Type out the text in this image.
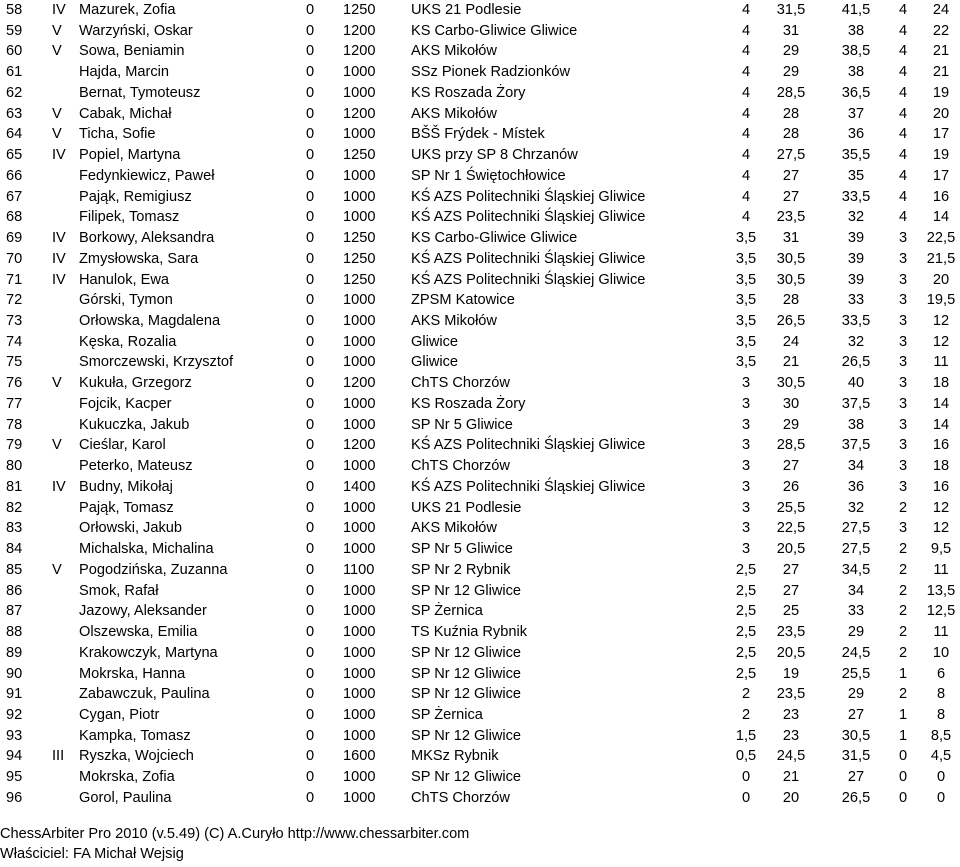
58 IV Mazurek, Zofia	0 1250 UKS 21 Podlesie	4	31,5	41,5	4	24
59 V Warzyński, Oskar	0 1200 KS Carbo-Gliwice Gliwice	4	31	38	4	22
60 V Sowa, Beniamin	0 1200 AKS Mikołów	4	29	38,5	4	21
61	Hajda, Marcin	0 1000 SSz Pionek Radzionków	4	29	38	4	21
62	Bernat, Tymoteusz	0 1000 KS Roszada Żory	4	28,5	36,5	4	19
63 V Cabak, Michał	0 1200 AKS Mikołów	4	28	37	4	20
64 V Ticha, Sofie	0 1000 BŠŠ Frýdek - Místek	4	28	36	4	17
65 IV Popiel, Martyna	0 1250 UKS przy SP 8 Chrzanów	4	27,5	35,5	4	19
66	Fedynkiewicz, Paweł	0 1000 SP Nr 1 Świętochłowice	4	27	35	4	17
67	Pająk, Remigiusz	0 1000 KŚ AZS Politechniki Śląskiej Gliwice	4	27	33,5	4	16
68	Filipek, Tomasz	0 1000 KŚ AZS Politechniki Śląskiej Gliwice	4	23,5	32	4	14
69 IV Borkowy, Aleksandra	0 1250 KS Carbo-Gliwice Gliwice	3,5	31	39	3	22,5
70 IV Zmysłowska, Sara	0 1250 KŚ AZS Politechniki Śląskiej Gliwice	3,5	30,5	39	3	21,5
71 IV Hanulok, Ewa	0 1250 KŚ AZS Politechniki Śląskiej Gliwice	3,5	30,5	39	3	20
72	Górski, Tymon	0 1000 ZPSM Katowice	3,5	28	33	3	19,5
73	Orłowska, Magdalena	0 1000 AKS Mikołów	3,5	26,5	33,5	3	12
74	Kęska, Rozalia	0 1000 Gliwice	3,5	24	32	3	12
75	Smorczewski, Krzysztof	0 1000 Gliwice	3,5	21	26,5	3	11
76 V Kukuła, Grzegorz	0 1200 ChTS Chorzów	3	30,5	40	3	18
77	Fojcik, Kacper	0 1000 KS Roszada Żory	3	30	37,5	3	14
78	Kukuczka, Jakub	0 1000 SP Nr 5 Gliwice	3	29	38	3	14
79 V Cieślar, Karol	0 1200 KŚ AZS Politechniki Śląskiej Gliwice	3	28,5	37,5	3	16
80	Peterko, Mateusz	0 1000 ChTS Chorzów	3	27	34	3	18
81 IV Budny, Mikołaj	0 1400 KŚ AZS Politechniki Śląskiej Gliwice	3	26	36	3	16
82	Pająk, Tomasz	0 1000 UKS 21 Podlesie	3	25,5	32	2	12
83	Orłowski, Jakub	0 1000 AKS Mikołów	3	22,5	27,5	3	12
84	Michalska, Michalina	0 1000 SP Nr 5 Gliwice	3	20,5	27,5	2	9,5
85 V Pogodzińska, Zuzanna	0 1100	SP Nr 2 Rybnik	2,5	27	34,5	2	11
86	Smok, Rafał	0 1000 SP Nr 12 Gliwice	2,5	27	34	2	13,5
87	Jazowy, Aleksander	0 1000 SP Żernica	2,5	25	33	2	12,5
88	Olszewska, Emilia	0 1000 TS Kuźnia Rybnik	2,5	23,5	29	2	11
89	Krakowczyk, Martyna	0 1000 SP Nr 12 Gliwice	2,5	20,5	24,5	2	10
90	Mokrska, Hanna	0 1000 SP Nr 12 Gliwice	2,5	19	25,5	1	6
91	Zabawczuk, Paulina	0 1000 SP Nr 12 Gliwice	2	23,5	29	2	8
92	Cygan, Piotr	0 1000 SP Żernica	2	23	27	1	8
93	Kampka, Tomasz	0 1000 SP Nr 12 Gliwice	1,5	23	30,5	1	8,5
94 III Ryszka, Wojciech	0 1600 MKSz Rybnik	0,5	24,5	31,5	0	4,5
95	Mokrska, Zofia	0 1000 SP Nr 12 Gliwice	0	21	27	0	0
96	Gorol, Paulina	0 1000 ChTS Chorzów	0	20	26,5	0	0
ChessArbiter Pro 2010 (v.5.49) (C) A.Curyło http://www.chessarbiter.com
Właściciel: FA Michał Wejsig
